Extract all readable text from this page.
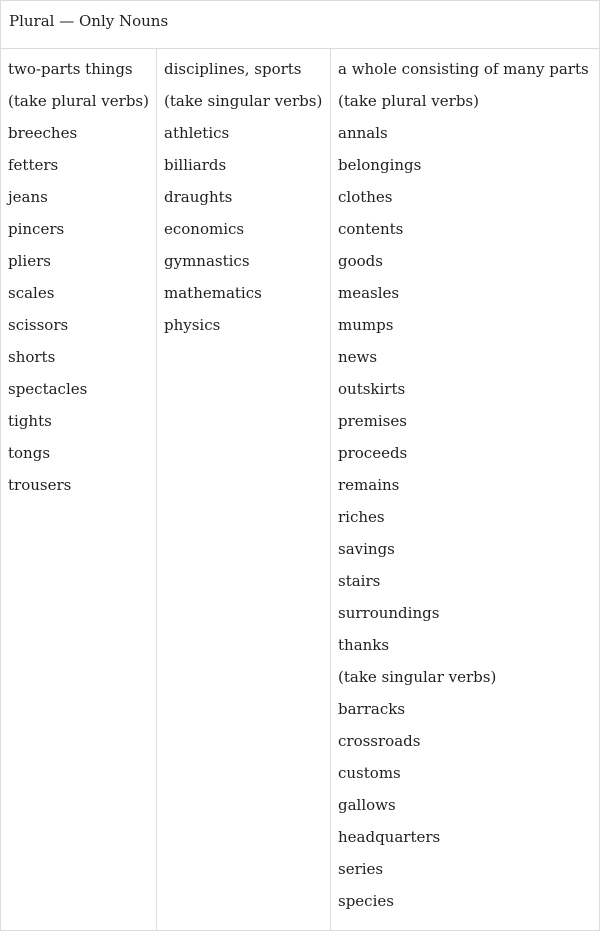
Plural — Only Nouns
two-parts things
(take plural verbs)
breeches
fetters
jeans
pincers
pliers
scales
scissors
shorts
spectacles
tights
tongs
trousers
disciplines, sports
(take singular verbs)
athletics
billiards
draughts
economics
gymnastics
mathematics
physics
a whole consisting of many parts
(take plural verbs)
annals
belongings
clothes
contents
goods
measles
mumps
news
outskirts
premises
proceeds
remains
riches
savings
stairs
surroundings
thanks
(take singular verbs)
barracks
crossroads
customs
gallows
headquarters
series
species
